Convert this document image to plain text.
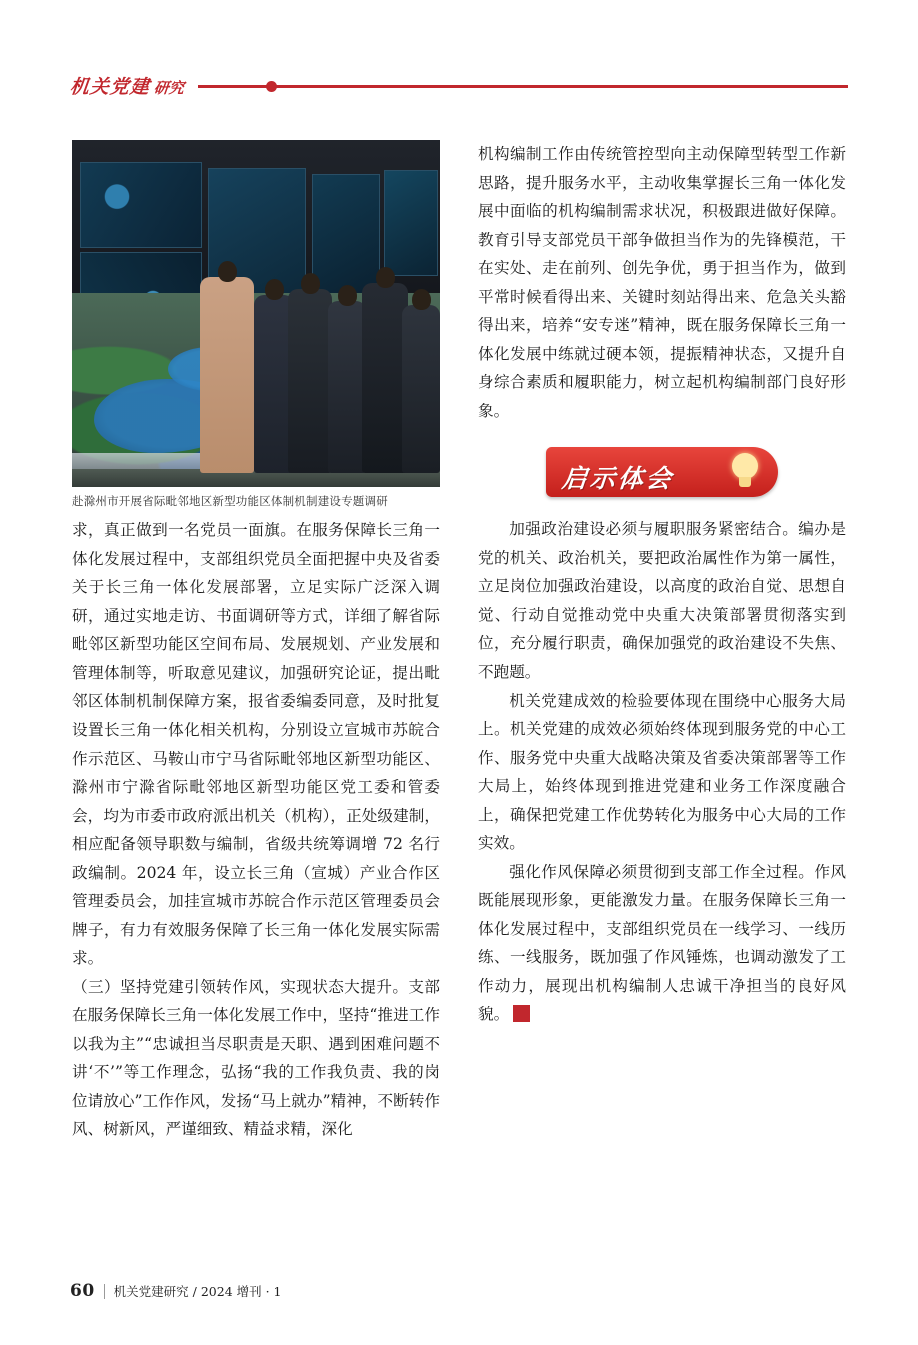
机关党建 研究
赴滁州市开展省际毗邻地区新型功能区体制机制建设专题调研

求，真正做到一名党员一面旗。在服务保障长三角一体化发展过程中，支部组织党员全面把握中央及省委关于长三角一体化发展部署，立足实际广泛深入调研，通过实地走访、书面调研等方式，详细了解省际毗邻区新型功能区空间布局、发展规划、产业发展和管理体制等，听取意见建议，加强研究论证，提出毗邻区体制机制保障方案，报省委编委同意，及时批复设置长三角一体化相关机构，分别设立宣城市苏皖合作示范区、马鞍山市宁马省际毗邻地区新型功能区、滁州市宁滁省际毗邻地区新型功能区党工委和管委会，均为市委市政府派出机关（机构），正处级建制，相应配备领导职数与编制，省级共统筹调增 72 名行政编制。2024 年，设立长三角（宣城）产业合作区管理委员会，加挂宣城市苏皖合作示范区管理委员会牌子，有力有效服务保障了长三角一体化发展实际需求。

（三）坚持党建引领转作风，实现状态大提升。支部在服务保障长三角一体化发展工作中，坚持“推进工作以我为主”“忠诚担当尽职责是天职、遇到困难问题不讲‘不’”等工作理念，弘扬“我的工作我负责、我的岗位请放心”工作作风，发扬“马上就办”精神，不断转作风、树新风，严谨细致、精益求精，深化

机构编制工作由传统管控型向主动保障型转型工作新思路，提升服务水平，主动收集掌握长三角一体化发展中面临的机构编制需求状况，积极跟进做好保障。教育引导支部党员干部争做担当作为的先锋模范，干在实处、走在前列、创先争优，勇于担当作为，做到平常时候看得出来、关键时刻站得出来、危急关头豁得出来，培养“安专迷”精神，既在服务保障长三角一体化发展中练就过硬本领，提振精神状态，又提升自身综合素质和履职能力，树立起机构编制部门良好形象。

启示体会

加强政治建设必须与履职服务紧密结合。编办是党的机关、政治机关，要把政治属性作为第一属性，立足岗位加强政治建设，以高度的政治自觉、思想自觉、行动自觉推动党中央重大决策部署贯彻落实到位，充分履行职责，确保加强党的政治建设不失焦、不跑题。

机关党建成效的检验要体现在围绕中心服务大局上。机关党建的成效必须始终体现到服务党的中心工作、服务党中央重大战略决策及省委决策部署等工作大局上，始终体现到推进党建和业务工作深度融合上，确保把党建工作优势转化为服务中心大局的工作实效。

强化作风保障必须贯彻到支部工作全过程。作风既能展现形象，更能激发力量。在服务保障长三角一体化发展过程中，支部组织党员在一线学习、一线历练、一线服务，既加强了作风锤炼，也调动激发了工作动力，展现出机构编制人忠诚干净担当的良好风貌。

60 机关党建研究 / 2024 增刊 · 1
